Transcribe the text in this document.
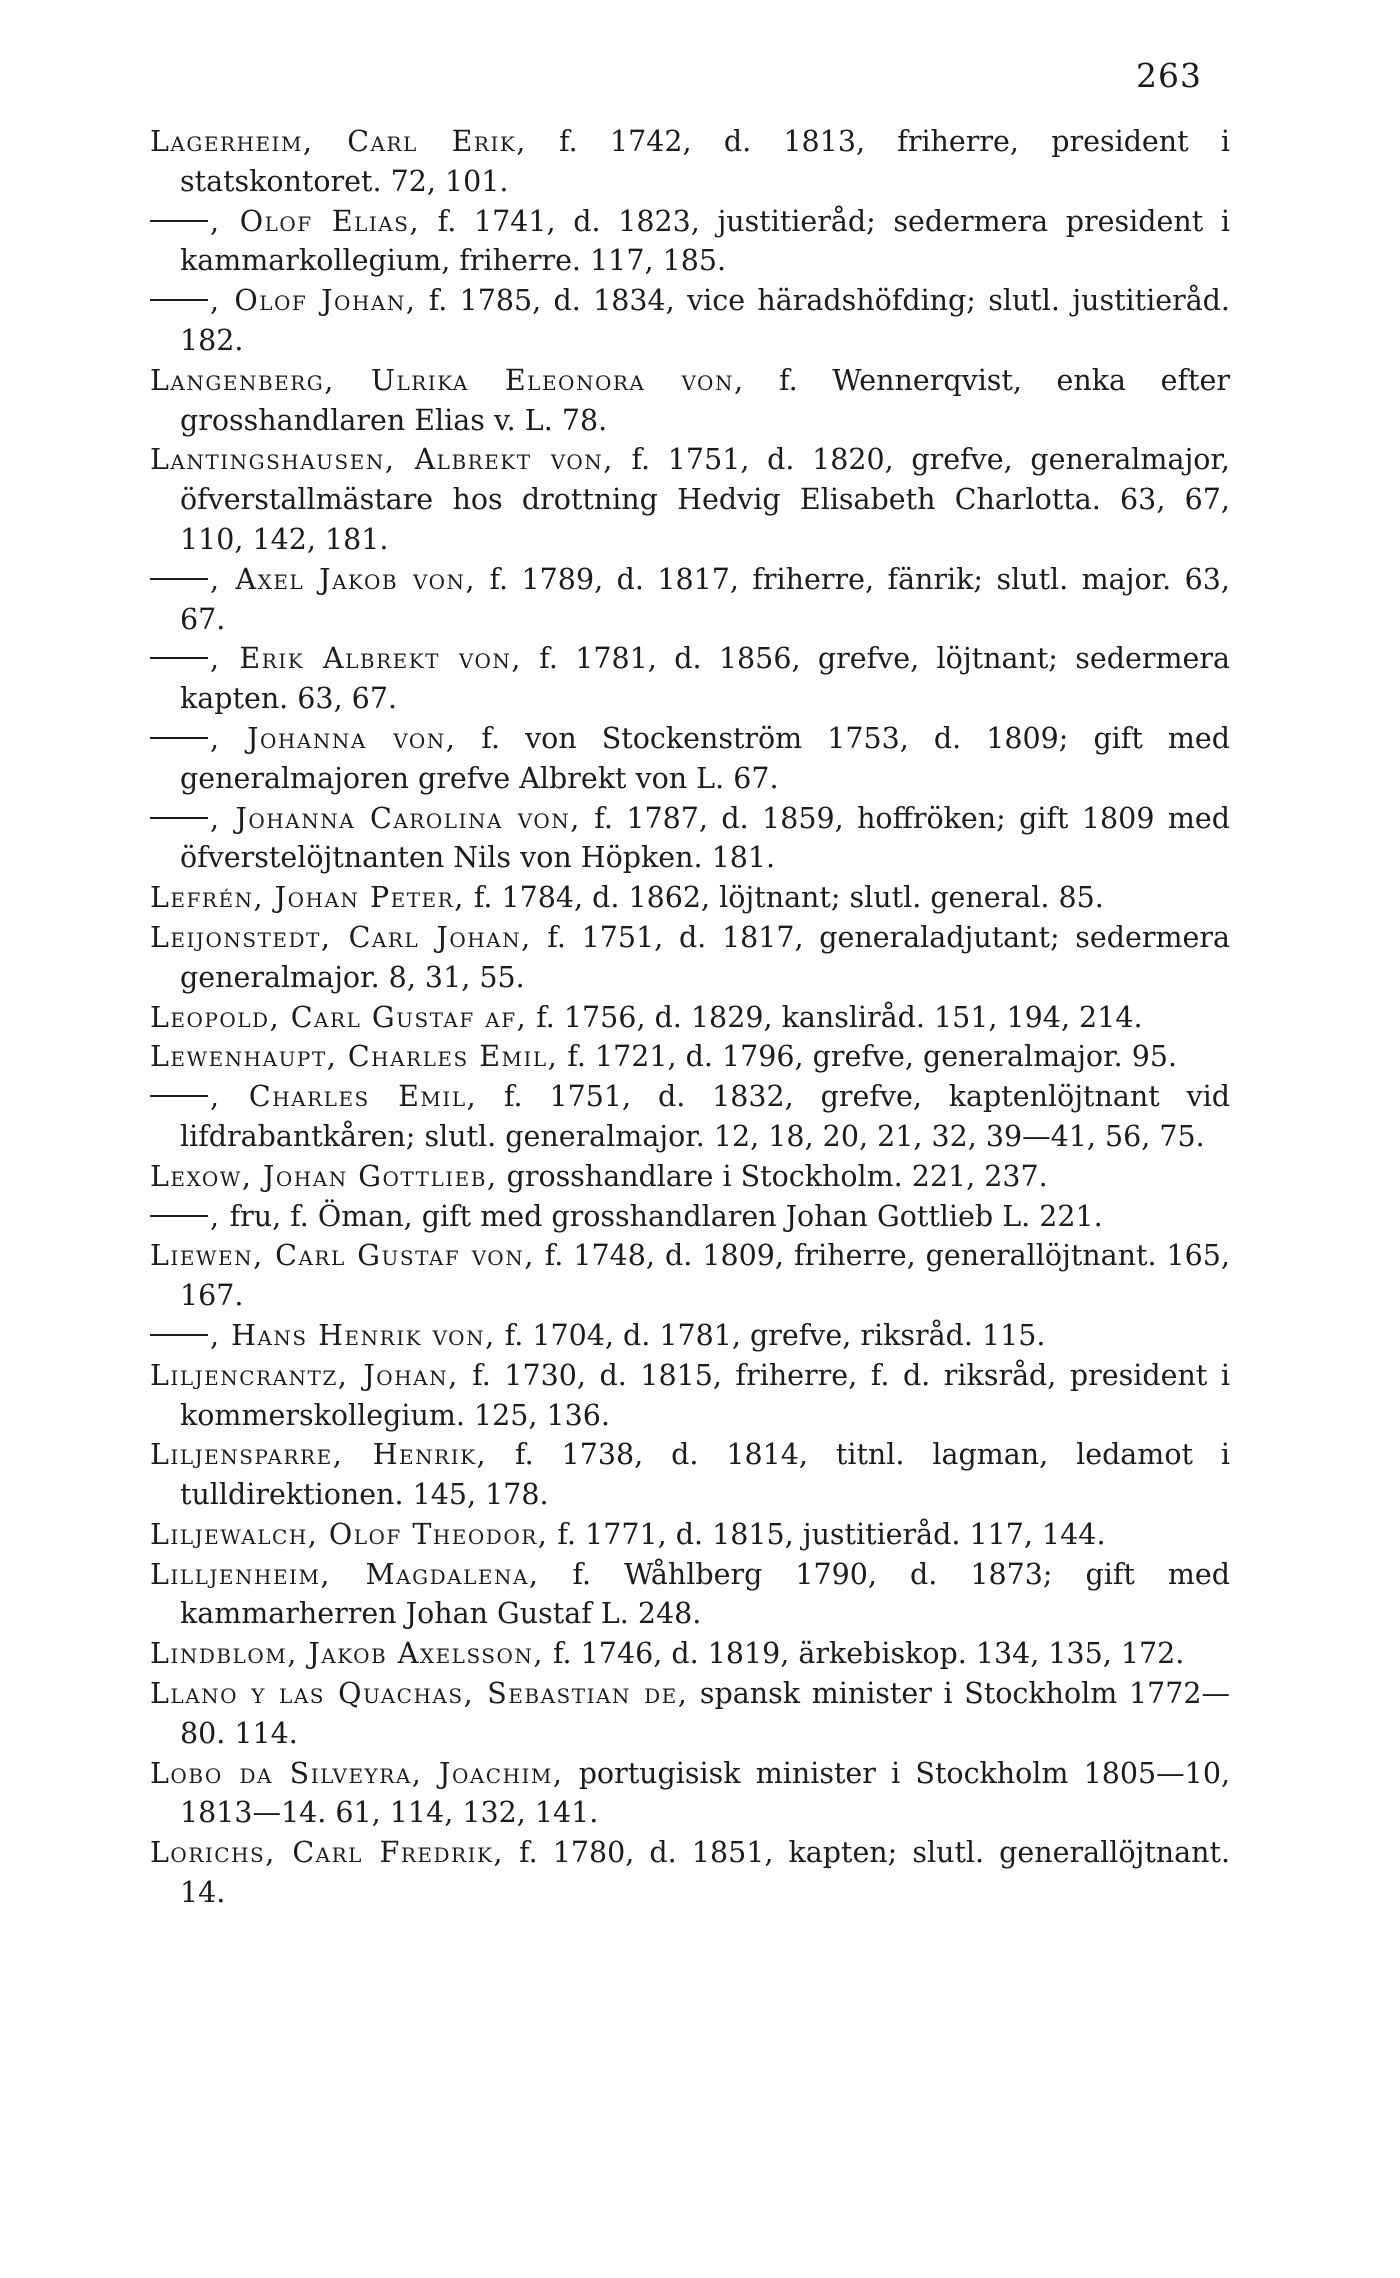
263
Lagerheim, Carl Erik, f. 1742, d. 1813, friherre, president i statskontoret. 72, 101.
, Olof Elias, f. 1741, d. 1823, justitieråd; sedermera president i kammarkollegium, friherre. 117, 185.
, Olof Johan, f. 1785, d. 1834, vice häradshöfding; slutl. justitieråd. 182.
Langenberg, Ulrika Eleonora von, f. Wennerqvist, enka efter grosshandlaren Elias v. L. 78.
Lantingshausen, Albrekt von, f. 1751, d. 1820, grefve, generalmajor, öfverstallmästare hos drottning Hedvig Elisabeth Charlotta. 63, 67, 110, 142, 181.
, Axel Jakob von, f. 1789, d. 1817, friherre, fänrik; slutl. major. 63, 67.
, Erik Albrekt von, f. 1781, d. 1856, grefve, löjtnant; sedermera kapten. 63, 67.
, Johanna von, f. von Stockenström 1753, d. 1809; gift med generalmajoren grefve Albrekt von L. 67.
, Johanna Carolina von, f. 1787, d. 1859, hoffröken; gift 1809 med öfverstelöjtnanten Nils von Höpken. 181.
Lefrén, Johan Peter, f. 1784, d. 1862, löjtnant; slutl. general. 85.
Leijonstedt, Carl Johan, f. 1751, d. 1817, generaladjutant; sedermera generalmajor. 8, 31, 55.
Leopold, Carl Gustaf af, f. 1756, d. 1829, kansliråd. 151, 194, 214.
Lewenhaupt, Charles Emil, f. 1721, d. 1796, grefve, generalmajor. 95.
, Charles Emil, f. 1751, d. 1832, grefve, kaptenlöjtnant vid lifdrabantkåren; slutl. generalmajor. 12, 18, 20, 21, 32, 39—41, 56, 75.
Lexow, Johan Gottlieb, grosshandlare i Stockholm. 221, 237.
, fru, f. Öman, gift med grosshandlaren Johan Gottlieb L. 221.
Liewen, Carl Gustaf von, f. 1748, d. 1809, friherre, generallöjtnant. 165, 167.
, Hans Henrik von, f. 1704, d. 1781, grefve, riksråd. 115.
Liljencrantz, Johan, f. 1730, d. 1815, friherre, f. d. riksråd, president i kommerskollegium. 125, 136.
Liljensparre, Henrik, f. 1738, d. 1814, titnl. lagman, ledamot i tulldirektionen. 145, 178.
Liljewalch, Olof Theodor, f. 1771, d. 1815, justitieråd. 117, 144.
Lilljenheim, Magdalena, f. Wåhlberg 1790, d. 1873; gift med kammarherren Johan Gustaf L. 248.
Lindblom, Jakob Axelsson, f. 1746, d. 1819, ärkebiskop. 134, 135, 172.
Llano y las Quachas, Sebastian de, spansk minister i Stockholm 1772—80. 114.
Lobo da Silveyra, Joachim, portugisisk minister i Stockholm 1805—10, 1813—14. 61, 114, 132, 141.
Lorichs, Carl Fredrik, f. 1780, d. 1851, kapten; slutl. generallöjtnant. 14.
